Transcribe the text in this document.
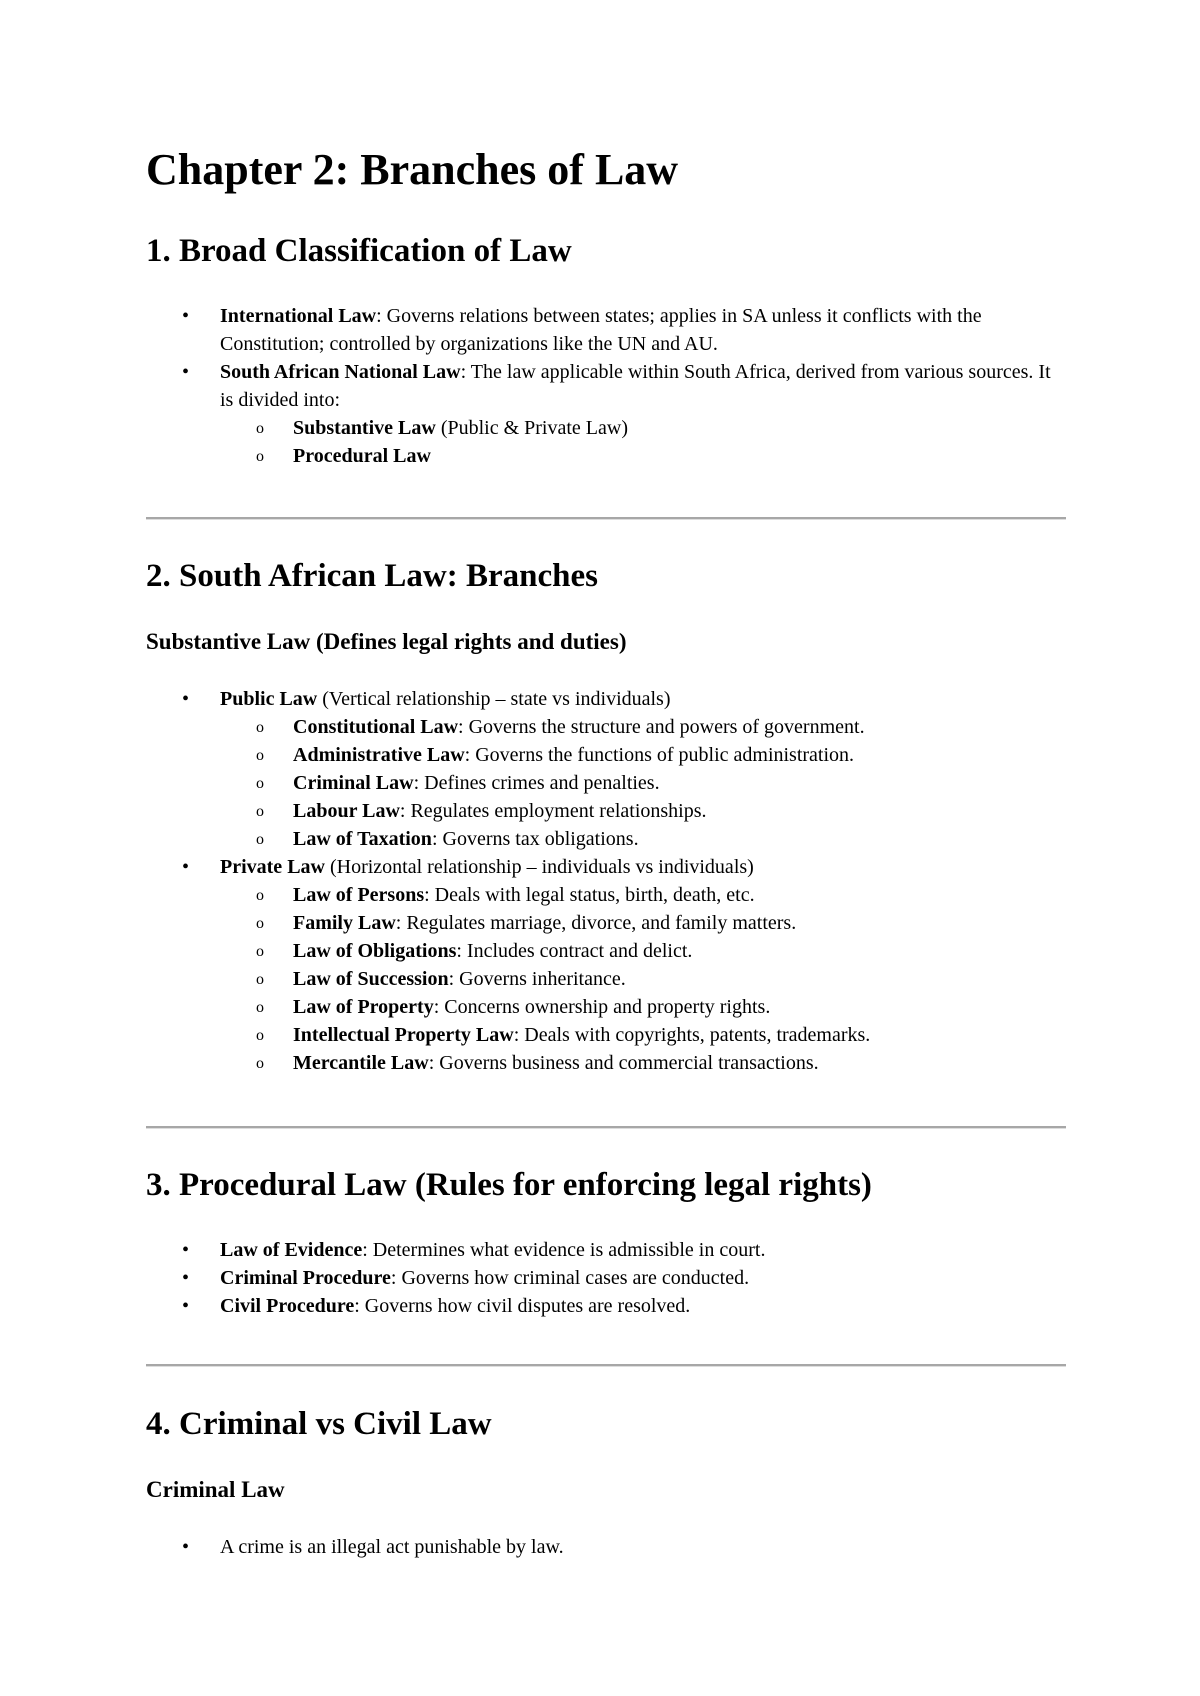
Chapter 2: Branches of Law
1. Broad Classification of Law
• International Law: Governs relations between states; applies in SA unless it conflicts with the Constitution; controlled by organizations like the UN and AU.
• South African National Law: The law applicable within South Africa, derived from various sources. It is divided into:
o Substantive Law (Public & Private Law)
o Procedural Law
2. South African Law: Branches
Substantive Law (Defines legal rights and duties)
• Public Law (Vertical relationship – state vs individuals)
o Constitutional Law: Governs the structure and powers of government.
o Administrative Law: Governs the functions of public administration.
o Criminal Law: Defines crimes and penalties.
o Labour Law: Regulates employment relationships.
o Law of Taxation: Governs tax obligations.
• Private Law (Horizontal relationship – individuals vs individuals)
o Law of Persons: Deals with legal status, birth, death, etc.
o Family Law: Regulates marriage, divorce, and family matters.
o Law of Obligations: Includes contract and delict.
o Law of Succession: Governs inheritance.
o Law of Property: Concerns ownership and property rights.
o Intellectual Property Law: Deals with copyrights, patents, trademarks.
o Mercantile Law: Governs business and commercial transactions.
3. Procedural Law (Rules for enforcing legal rights)
• Law of Evidence: Determines what evidence is admissible in court.
• Criminal Procedure: Governs how criminal cases are conducted.
• Civil Procedure: Governs how civil disputes are resolved.
4. Criminal vs Civil Law
Criminal Law
• A crime is an illegal act punishable by law.
